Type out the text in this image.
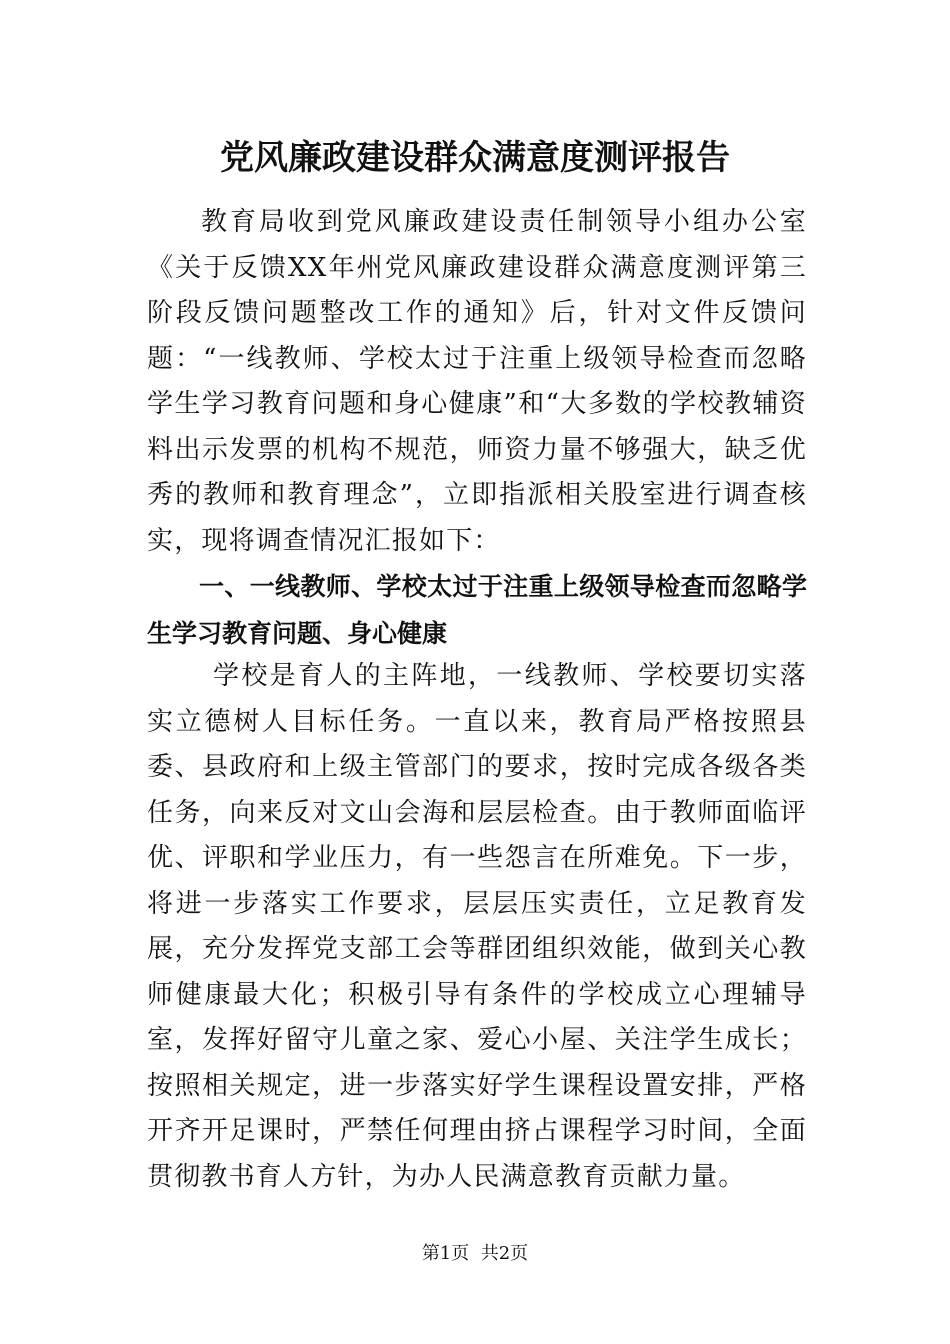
党风廉政建设群众满意度测评报告

教育局收到党风廉政建设责任制领导小组办公室《关于反馈XX年州党风廉政建设群众满意度测评第三阶段反馈问题整改工作的通知》后，针对文件反馈问题：“一线教师、学校太过于注重上级领导检查而忽略学生学习教育问题和身心健康”和“大多数的学校教辅资料出示发票的机构不规范，师资力量不够强大，缺乏优秀的教师和教育理念”，立即指派相关股室进行调查核实，现将调查情况汇报如下：

一、一线教师、学校太过于注重上级领导检查而忽略学生学习教育问题、身心健康

学校是育人的主阵地，一线教师、学校要切实落实立德树人目标任务。一直以来，教育局严格按照县委、县政府和上级主管部门的要求，按时完成各级各类任务，向来反对文山会海和层层检查。由于教师面临评优、评职和学业压力，有一些怨言在所难免。下一步，将进一步落实工作要求，层层压实责任，立足教育发展，充分发挥党支部工会等群团组织效能，做到关心教师健康最大化；积极引导有条件的学校成立心理辅导室，发挥好留守儿童之家、爱心小屋、关注学生成长；按照相关规定，进一步落实好学生课程设置安排，严格开齐开足课时，严禁任何理由挤占课程学习时间，全面贯彻教书育人方针，为办人民满意教育贡献力量。

第1页  共2页
